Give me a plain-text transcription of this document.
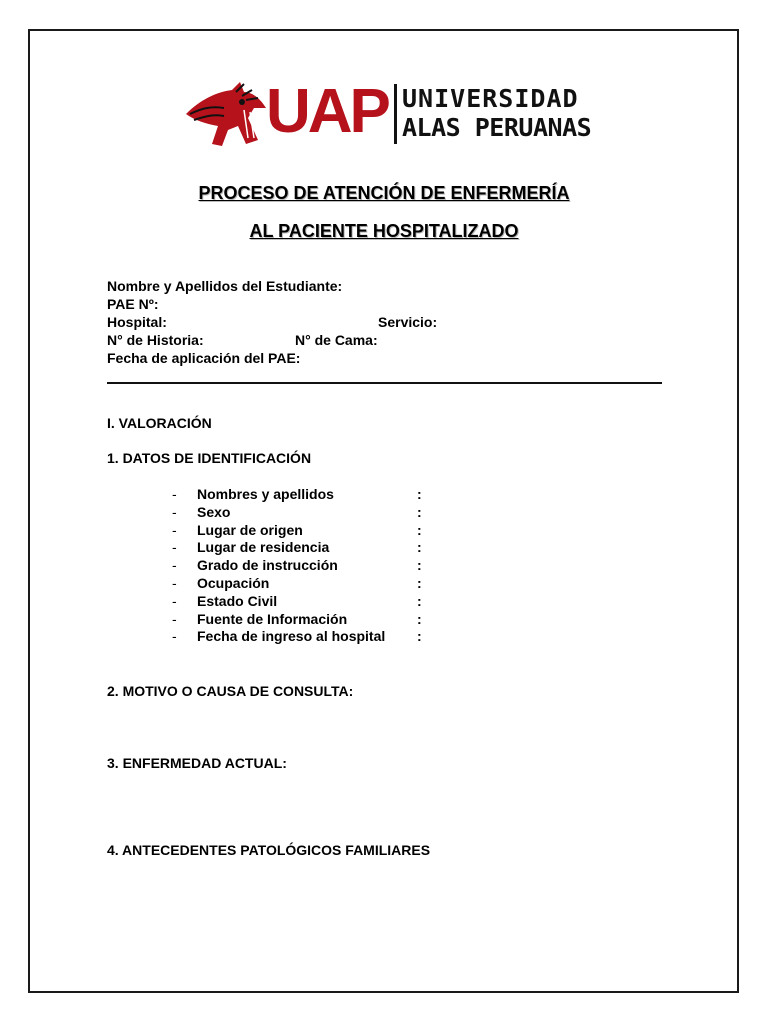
UAP UNIVERSIDAD
ALAS PERUANAS
PROCESO DE ATENCIÓN DE ENFERMERÍA
AL PACIENTE HOSPITALIZADO
Nombre y Apellidos del Estudiante:
PAE Nº:
Hospital:	Servicio:
N° de Historia:	N° de Cama:
Fecha de aplicación del PAE:
I. VALORACIÓN
1. DATOS DE IDENTIFICACIÓN
- Nombres y apellidos	:
- Sexo	:
- Lugar de origen	:
- Lugar de residencia	:
- Grado de instrucción	:
- Ocupación	:
- Estado Civil	:
- Fuente de Información	:
- Fecha de ingreso al hospital :
2. MOTIVO O CAUSA DE CONSULTA:
3. ENFERMEDAD ACTUAL:
4. ANTECEDENTES PATOLÓGICOS FAMILIARES
